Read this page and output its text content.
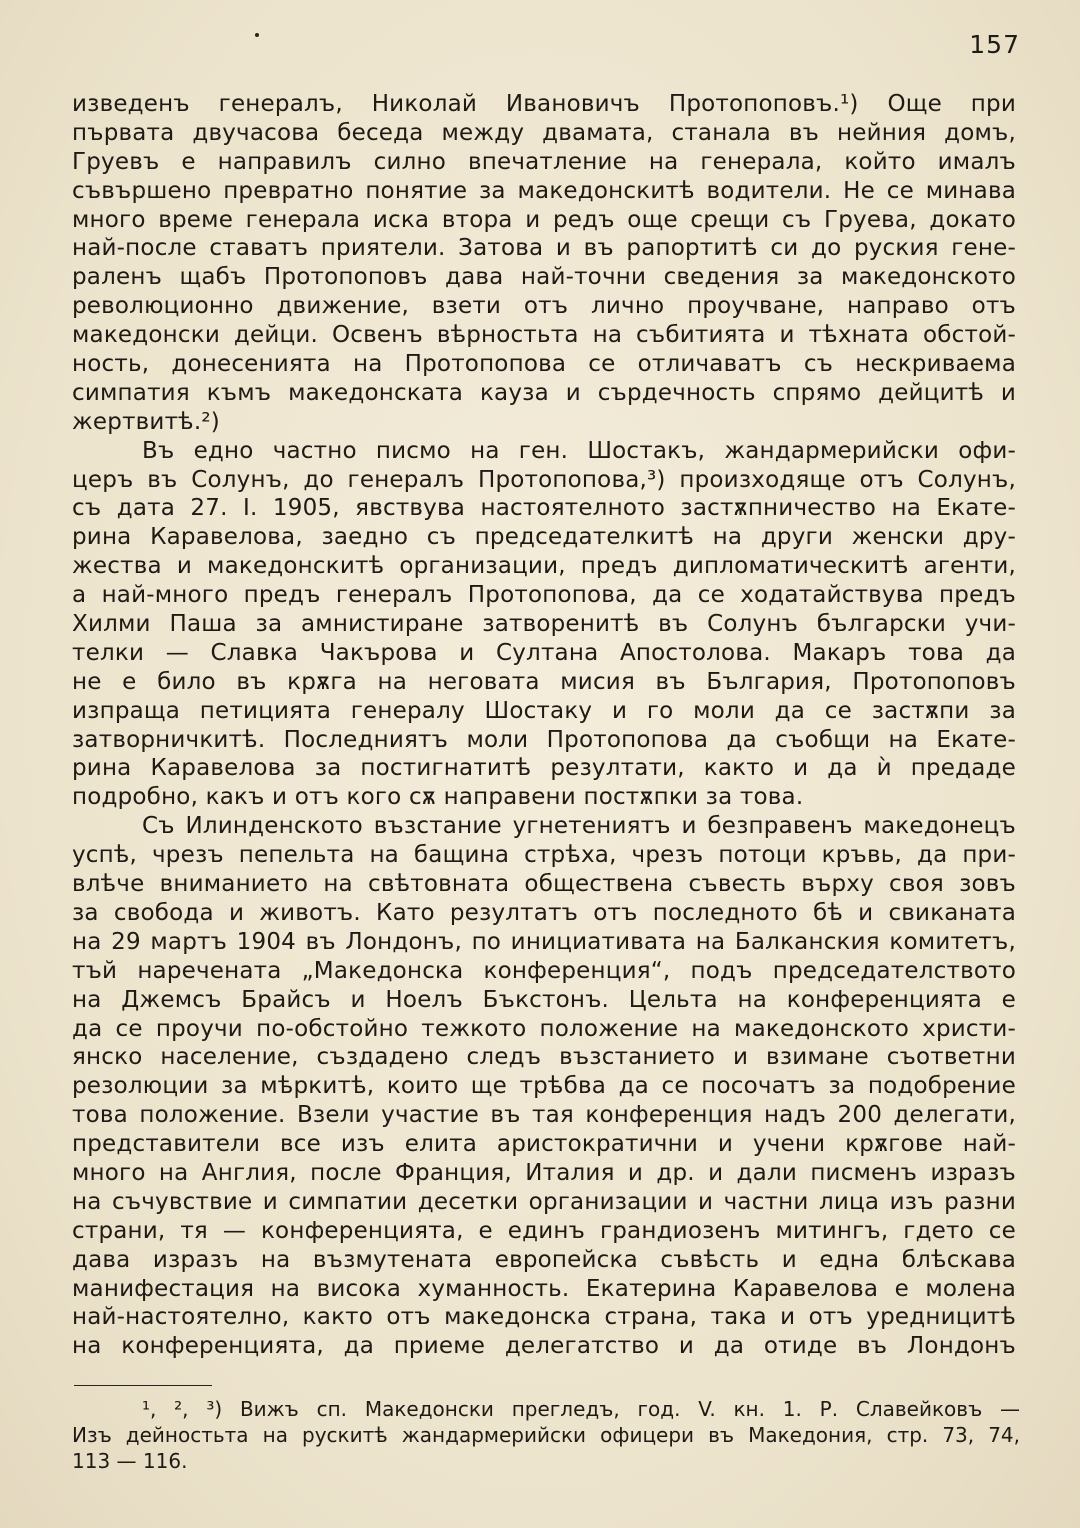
157
изведенъ генералъ, Николай Ивановичъ Протопоповъ.¹) Още при
първата двучасова беседа между двамата, станала въ нейния домъ,
Груевъ е направилъ силно впечатление на генерала, който ималъ
съвършено превратно понятие за македонскитѣ водители. Не се минава
много време генерала иска втора и редъ още срещи съ Груева, докато
най-после ставатъ приятели. Затова и въ рапортитѣ си до руския гене-
раленъ щабъ Протопоповъ дава най-точни сведения за македонското
революционно движение, взети отъ лично проучване, направо отъ
македонски дейци. Освенъ вѣрностьта на събитията и тѣхната обстой-
ность, донесенията на Протопопова се отличаватъ съ нескриваема
симпатия къмъ македонската кауза и сърдечность спрямо дейцитѣ и
жертвитѣ.²)
Въ едно частно писмо на ген. Шостакъ, жандармерийски офи-
церъ въ Солунъ, до генералъ Протопопова,³) произходяще отъ Солунъ,
съ дата 27. I. 1905, явствува настоятелното застѫпничество на Екате-
рина Каравелова, заедно съ председателкитѣ на други женски дру-
жества и македонскитѣ организации, предъ дипломатическитѣ агенти,
а най-много предъ генералъ Протопопова, да се ходатайствува предъ
Хилми Паша за амнистиране затворенитѣ въ Солунъ български учи-
телки — Славка Чакърова и Султана Апостолова. Макаръ това да
не е било въ крѫга на неговата мисия въ България, Протопоповъ
изпраща петицията генералу Шостаку и го моли да се застѫпи за
затворничкитѣ. Последниятъ моли Протопопова да съобщи на Екате-
рина Каравелова за постигнатитѣ резултати, както и да ѝ предаде
подробно, какъ и отъ кого сѫ направени постѫпки за това.
Съ Илинденското възстание угнетениятъ и безправенъ македонецъ
успѣ, чрезъ пепельта на бащина стрѣха, чрезъ потоци кръвь, да при-
влѣче вниманието на свѣтовната обществена съвесть върху своя зовъ
за свобода и животъ. Като резултатъ отъ последното бѣ и свиканата
на 29 мартъ 1904 въ Лондонъ, по инициативата на Балканския комитетъ,
тъй наречената „Македонска конференция“, подъ председателството
на Джемсъ Брайсъ и Ноелъ Бъкстонъ. Цельта на конференцията е
да се проучи по-обстойно тежкото положение на македонското христи-
янско население, създадено следъ възстанието и взимане съответни
резолюции за мѣркитѣ, които ще трѣбва да се посочатъ за подобрение
това положение. Взели участие въ тая конференция надъ 200 делегати,
представители все изъ елита аристократични и учени крѫгове най-
много на Англия, после Франция, Италия и др. и дали писменъ изразъ
на съчувствие и симпатии десетки организации и частни лица изъ разни
страни, тя — конференцията, е единъ грандиозенъ митингъ, гдето се
дава изразъ на възмутената европейска съвѣсть и една блѣскава
манифестация на висока хуманность. Екатерина Каравелова е молена
най-настоятелно, както отъ македонска страна, така и отъ уредницитѣ
на конференцията, да приеме делегатство и да отиде въ Лондонъ
¹, ², ³) Вижъ сп. Македонски прегледъ, год. V. кн. 1. Р. Славейковъ —
Изъ дейностьта на рускитѣ жандармерийски офицери въ Македония, стр. 73, 74,
113 — 116.
